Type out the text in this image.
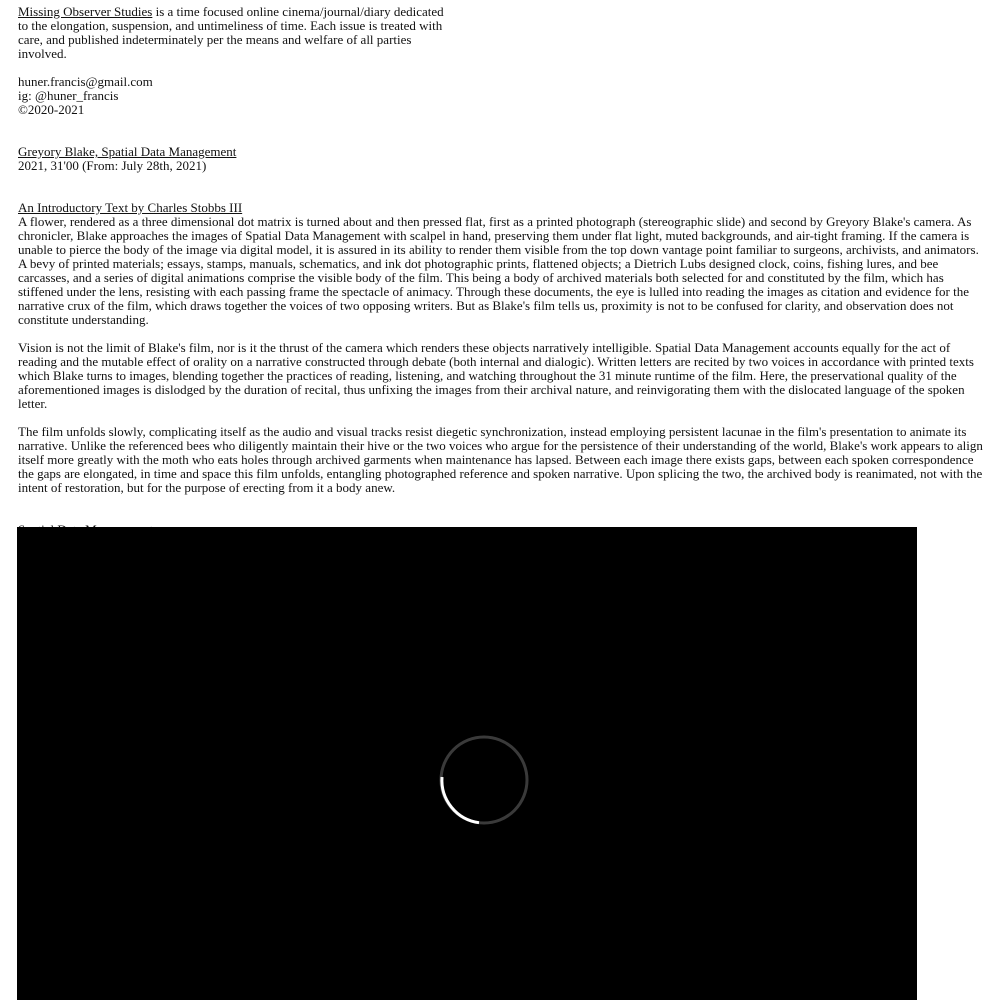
Missing Observer Studies is a time focused online cinema/journal/diary dedicated to the elongation, suspension, and untimeliness of time. Each issue is treated with care, and published indeterminately per the means and welfare of all parties involved.
huner.francis@gmail.com
ig: @huner_francis
©2020-2021
Greyory Blake, Spatial Data Management
2021, 31'00 (From: July 28th, 2021)
An Introductory Text by Charles Stobbs III

A flower, rendered as a three dimensional dot matrix is turned about and then pressed flat, first as a printed photograph (stereographic slide) and second by Greyory Blake's camera. As chronicler, Blake approaches the images of Spatial Data Management with scalpel in hand, preserving them under flat light, muted backgrounds, and air-tight framing. If the camera is unable to pierce the body of the image via digital model, it is assured in its ability to render them visible from the top down vantage point familiar to surgeons, archivists, and animators. A bevy of printed materials; essays, stamps, manuals, schematics, and ink dot photographic prints, flattened objects; a Dietrich Lubs designed clock, coins, fishing lures, and bee carcasses, and a series of digital animations comprise the visible body of the film. This being a body of archived materials both selected for and constituted by the film, which has stiffened under the lens, resisting with each passing frame the spectacle of animacy. Through these documents, the eye is lulled into reading the images as citation and evidence for the narrative crux of the film, which draws together the voices of two opposing writers. But as Blake's film tells us, proximity is not to be confused for clarity, and observation does not constitute understanding.

Vision is not the limit of Blake's film, nor is it the thrust of the camera which renders these objects narratively intelligible. Spatial Data Management accounts equally for the act of reading and the mutable effect of orality on a narrative constructed through debate (both internal and dialogic). Written letters are recited by two voices in accordance with printed texts which Blake turns to images, blending together the practices of reading, listening, and watching throughout the 31 minute runtime of the film. Here, the preservational quality of the aforementioned images is dislodged by the duration of recital, thus unfixing the images from their archival nature, and reinvigorating them with the dislocated language of the spoken letter.

The film unfolds slowly, complicating itself as the audio and visual tracks resist diegetic synchronization, instead employing persistent lacunae in the film's presentation to animate its narrative. Unlike the referenced bees who diligently maintain their hive or the two voices who argue for the persistence of their understanding of the world, Blake's work appears to align itself more greatly with the moth who eats holes through archived garments when maintenance has lapsed. Between each image there exists gaps, between each spoken correspondence the gaps are elongated, in time and space this film unfolds, entangling photographed reference and spoken narrative. Upon splicing the two, the archived body is reanimated, not with the intent of restoration, but for the purpose of erecting from it a body anew.
